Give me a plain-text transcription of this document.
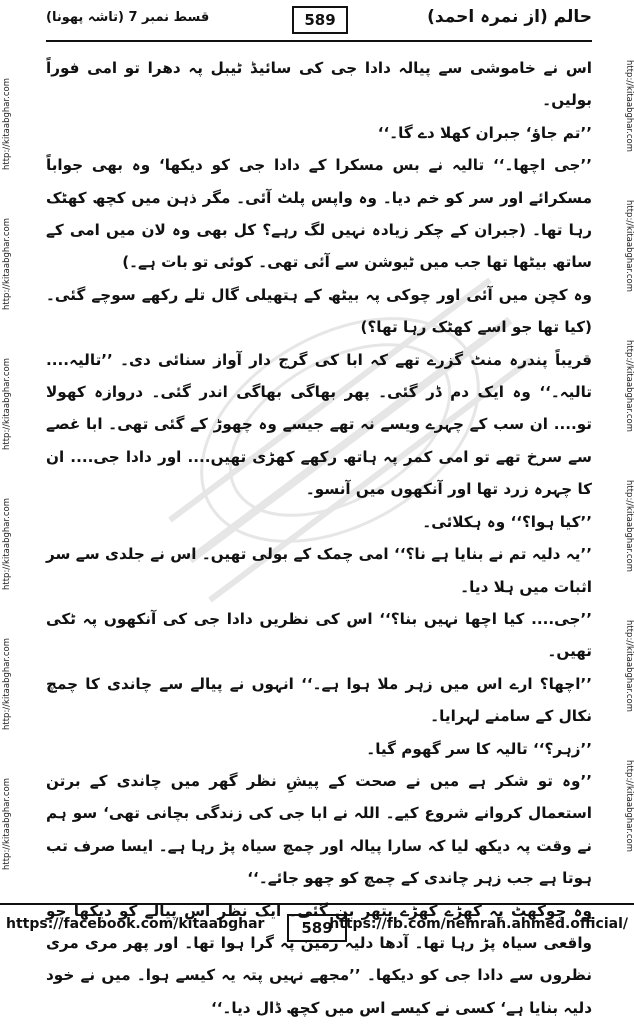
حالم (از نمرہ احمد)
589
قسط نمبر 7 (تاشہ پھونا)
http://kitaabghar.com
http://kitaabghar.com
http://kitaabghar.com
http://kitaabghar.com
http://kitaabghar.com
http://kitaabghar.com
http://kitaabghar.com
http://kitaabghar.com
http://kitaabghar.com
http://kitaabghar.com
http://kitaabghar.com
http://kitaabghar.com

اس نے خاموشی سے پیالہ دادا جی کی سائیڈ ٹیبل پہ دھرا تو امی فوراً بولیں۔

’’تم جاؤ‘ جبران کھلا دے گا۔‘‘

’’جی اچھا۔‘‘ تالیہ نے بس مسکرا کے دادا جی کو دیکھا‘ وہ بھی جواباً مسکرائے اور سر کو خم دیا۔ وہ واپس پلٹ آئی۔ مگر ذہن میں کچھ کھٹک رہا تھا۔ (جبران کے چکر زیادہ نہیں لگ رہے؟ کل بھی وہ لان میں امی کے ساتھ بیٹھا تھا جب میں ٹیوشن سے آئی تھی۔ کوئی تو بات ہے۔)

وہ کچن میں آئی اور چوکی پہ بیٹھ کے ہتھیلی گال تلے رکھے سوچے گئی۔ (کیا تھا جو اسے کھٹک رہا تھا؟)

قریباً پندرہ منٹ گزرے تھے کہ ابا کی گرج دار آواز سنائی دی۔ ’’تالیہ.... تالیہ۔‘‘ وہ ایک دم ڈر گئی۔ پھر بھاگی بھاگی اندر گئی۔ دروازہ کھولا تو.... ان سب کے چہرے ویسے نہ تھے جیسے وہ چھوڑ کے گئی تھی۔ ابا غصے سے سرخ تھے تو امی کمر پہ ہاتھ رکھے کھڑی تھیں.... اور دادا جی.... ان کا چہرہ زرد تھا اور آنکھوں میں آنسو۔

’’کیا ہوا؟‘‘ وہ ہکلائی۔

’’یہ دلیہ تم نے بنایا ہے نا؟‘‘ امی چمک کے بولی تھیں۔ اس نے جلدی سے سر اثبات میں ہلا دیا۔

’’جی.... کیا اچھا نہیں بنا؟‘‘ اس کی نظریں دادا جی کی آنکھوں پہ ٹکی تھیں۔

’’اچھا؟ ارے اس میں زہر ملا ہوا ہے۔‘‘ انہوں نے پیالے سے چاندی کا چمچ نکال کے سامنے لہرایا۔

’’زہر؟‘‘ تالیہ کا سر گھوم گیا۔

’’وہ تو شکر ہے میں نے صحت کے پیشِ نظر گھر میں چاندی کے برتن استعمال کروانے شروع کیے۔ اللہ نے ابا جی کی زندگی بچانی تھی‘ سو ہم نے وقت پہ دیکھ لیا کہ سارا پیالہ اور چمچ سیاہ پڑ رہا ہے۔ ایسا صرف تب ہوتا ہے جب زہر چاندی کے چمچ کو چھو جائے۔‘‘

وہ چوکھٹ پہ کھڑے کھڑے پتھر بن گئی۔ ایک نظر اس پیالے کو دیکھا جو واقعی سیاہ پڑ رہا تھا۔ آدھا دلیہ زمین پہ گرا ہوا تھا۔ اور پھر مری مری نظروں سے دادا جی کو دیکھا۔ ’’مجھے نہیں پتہ یہ کیسے ہوا۔ میں نے خود دلیہ بنایا ہے‘ کسی نے کیسے اس میں کچھ ڈال دیا۔‘‘

https://facebook.com/kitaabghar	589
https://fb.com/nemrah.ahmed.official/
